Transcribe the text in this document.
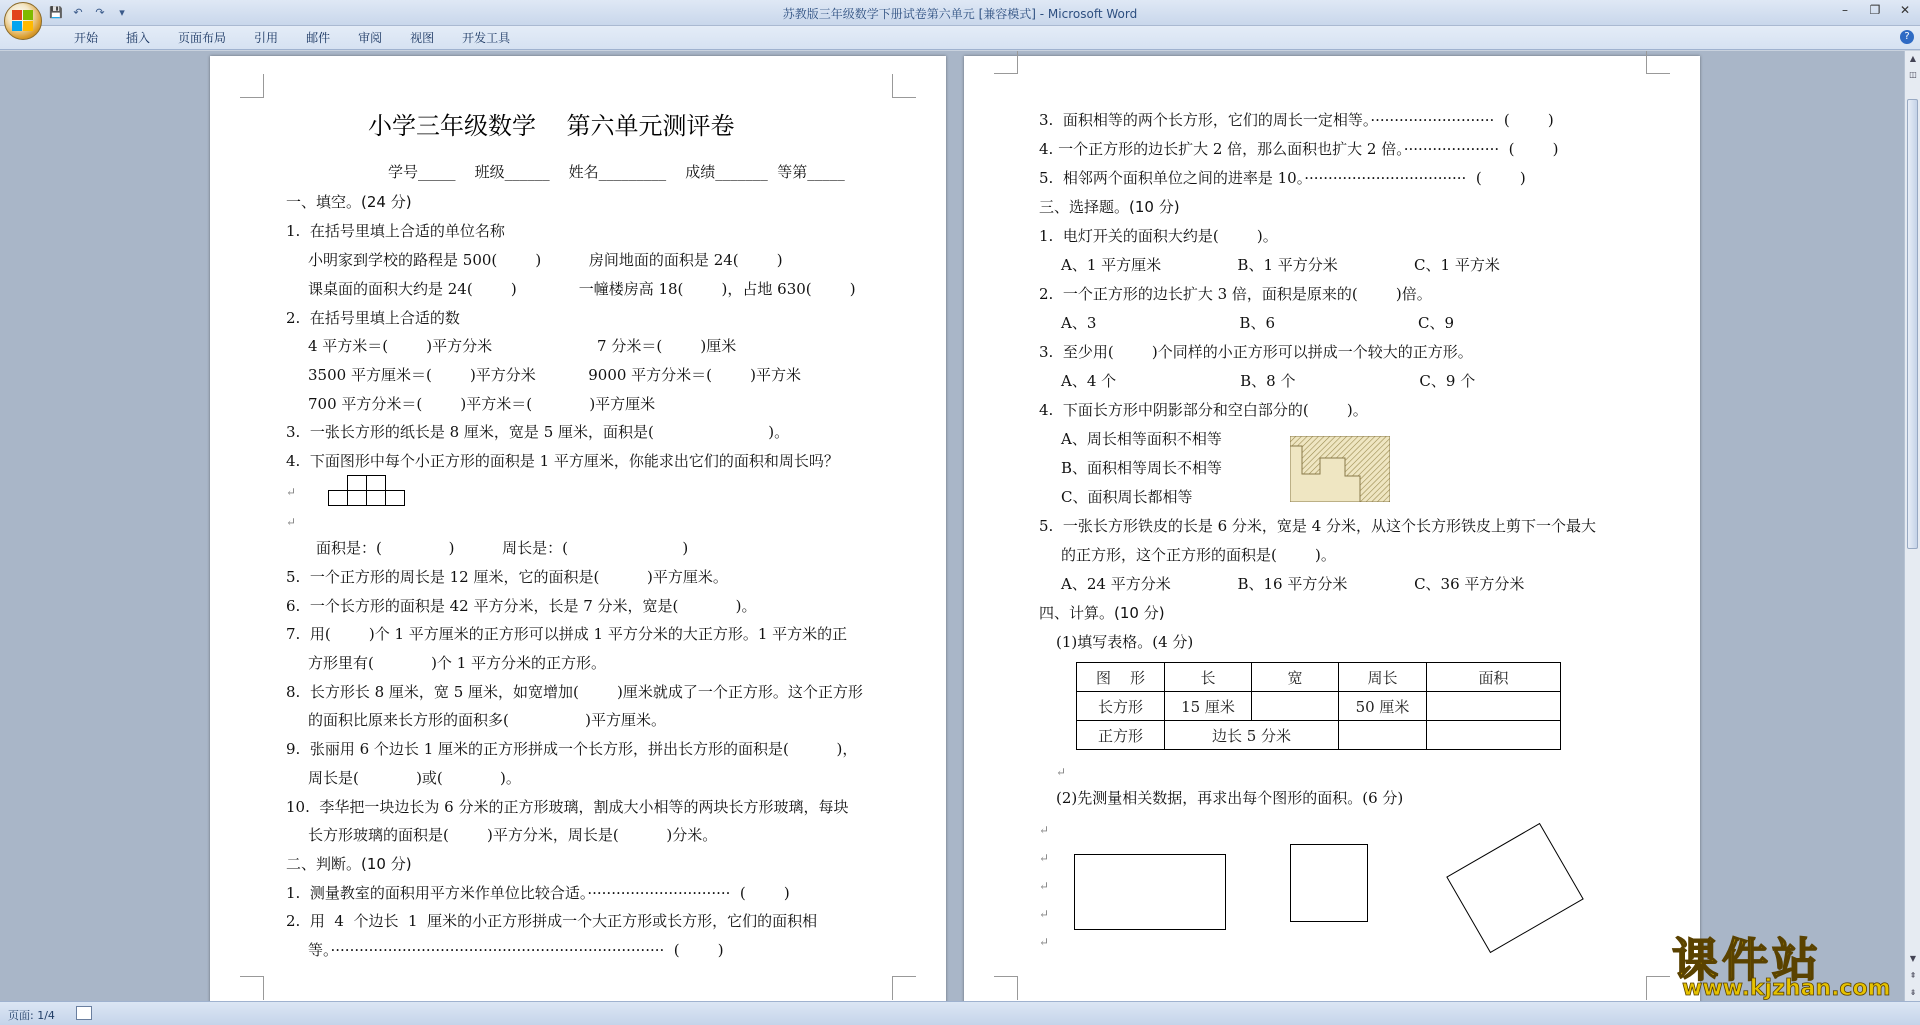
💾 ↶	↷	▾	苏教版三年级数学下册试卷第六单元 [兼容模式] - Microsoft Word	–	❐	✕
开始	插入	页面布局	引用	邮件	审阅	视图	开发工具	?
小学三年级数学    第六单元测评卷
学号_____    班级______    姓名_________    成绩_______  等第_____
一、填空。(24 分)
1.  在括号里填上合适的单位名称
小明家到学校的路程是 500(        )          房间地面的面积是 24(        )
课桌面的面积大约是 24(        )             一幢楼房高 18(        )，占地 630(        )
2.  在括号里填上合适的数
4 平方米＝(        )平方分米                      7 分米＝(        )厘米
3500 平方厘米＝(        )平方分米           9000 平方分米＝(        )平方米
700 平方分米＝(        )平方米＝(            )平方厘米
3.  一张长方形的纸长是 8 厘米，宽是 5 厘米，面积是(                        )。
4.  下面图形中每个小正方形的面积是 1 平方厘米，你能求出它们的面积和周长吗？
↵
↵
面积是：(              )          周长是：(                        )
5.  一个正方形的周长是 12 厘米，它的面积是(          )平方厘米。
6.  一个长方形的面积是 42 平方分米，长是 7 分米，宽是(            )。
7.  用(        )个 1 平方厘米的正方形可以拼成 1 平方分米的大正方形。1 平方米的正
方形里有(            )个 1 平方分米的正方形。
8.  长方形长 8 厘米，宽 5 厘米，如宽增加(        )厘米就成了一个正方形。这个正方形
的面积比原来长方形的面积多(                )平方厘米。
9.  张丽用 6 个边长 1 厘米的正方形拼成一个长方形，拼出长方形的面积是(          )，
周长是(            )或(            )。
10.  李华把一块边长为 6 分米的正方形玻璃，割成大小相等的两块长方形玻璃，每块
长方形玻璃的面积是(        )平方分米，周长是(          )分米。
二、判断。(10 分)
1.  测量教室的面积用平方米作单位比较合适。······························  (        )
2.  用  4  个边长  1  厘米的小正方形拼成一个大正方形或长方形，它们的面积相
等。······································································  (        )
3.  面积相等的两个长方形，它们的周长一定相等。··························  (        )
4. 一个正方形的边长扩大 2 倍，那么面积也扩大 2 倍。····················  (        )
5.  相邻两个面积单位之间的进率是 10。··································  (        )
三、选择题。(10 分)
1.  电灯开关的面积大约是(        )。
A、1 平方厘米                B、1 平方分米                C、1 平方米
2.  一个正方形的边长扩大 3 倍，面积是原来的(        )倍。
A、3                              B、6                              C、9
3.  至少用(        )个同样的小正方形可以拼成一个较大的正方形。
A、4 个                          B、8 个                          C、9 个
4.  下面长方形中阴影部分和空白部分的(        )。
A、周长相等面积不相等
B、面积相等周长不相等
C、面积周长都相等
5.  一张长方形铁皮的长是 6 分米，宽是 4 分米，从这个长方形铁皮上剪下一个最大
的正方形，这个正方形的面积是(        )。
A、24 平方分米              B、16 平方分米              C、36 平方分米
四、计算。(10 分)
(1)填写表格。(4 分)
图    形	长	宽	周长	面积
长方形	15 厘米		50 厘米	
正方形	边长 5 分米			
↵
(2)先测量相关数据，再求出每个图形的面积。(6 分)
↵
↵
↵
↵
↵
▲
◫
▼
⇞
⇟
页面: 1/4
课件站
www.kjzhan.com
